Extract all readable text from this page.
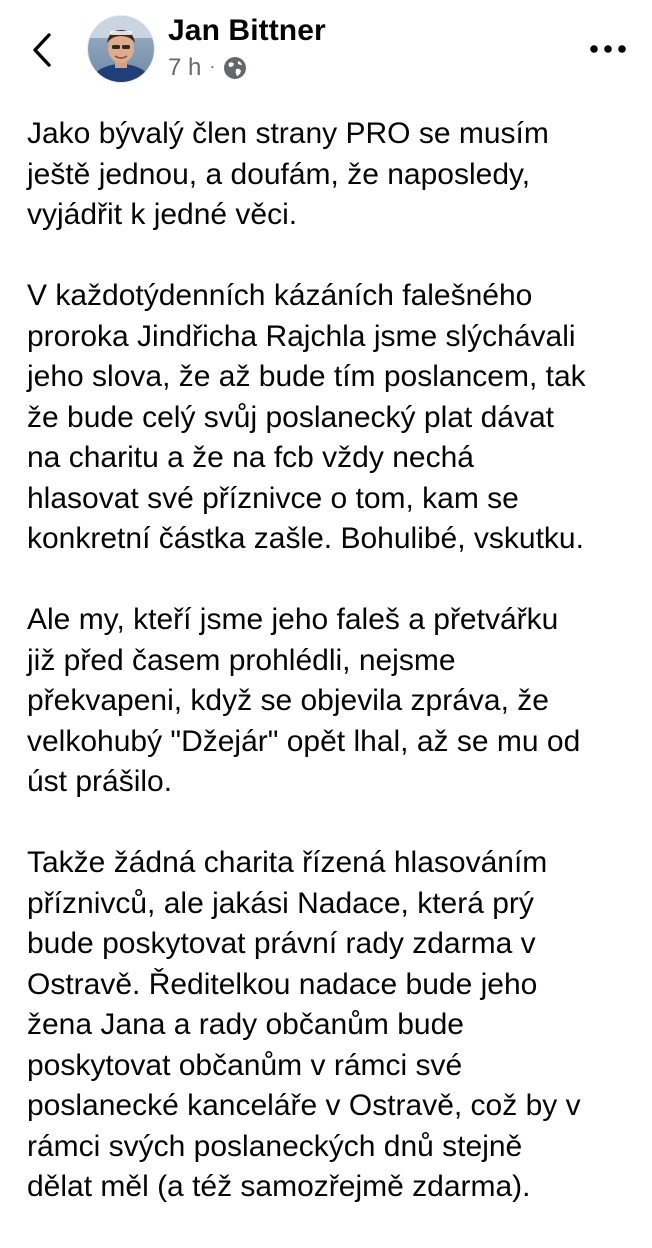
Jan Bittner
7 h ·

Jako bývalý člen strany PRO se musím
ještě jednou, a doufám, že naposledy,
vyjádřit k jedné věci.

V každotýdenních kázáních falešného
proroka Jindřicha Rajchla jsme slýchávali
jeho slova, že až bude tím poslancem, tak
že bude celý svůj poslanecký plat dávat
na charitu a že na fcb vždy nechá
hlasovat své příznivce o tom, kam se
konkretní částka zašle. Bohulibé, vskutku.

Ale my, kteří jsme jeho faleš a přetvářku
již před časem prohlédli, nejsme
překvapeni, když se objevila zpráva, že
velkohubý "Džejár" opět lhal, až se mu od
úst prášilo.

Takže žádná charita řízená hlasováním
příznivců, ale jakási Nadace, která prý
bude poskytovat právní rady zdarma v
Ostravě. Ředitelkou nadace bude jeho
žena Jana a rady občanům bude
poskytovat občanům v rámci své
poslanecké kanceláře v Ostravě, což by v
rámci svých poslaneckých dnů stejně
dělat měl (a též samozřejmě zdarma).
